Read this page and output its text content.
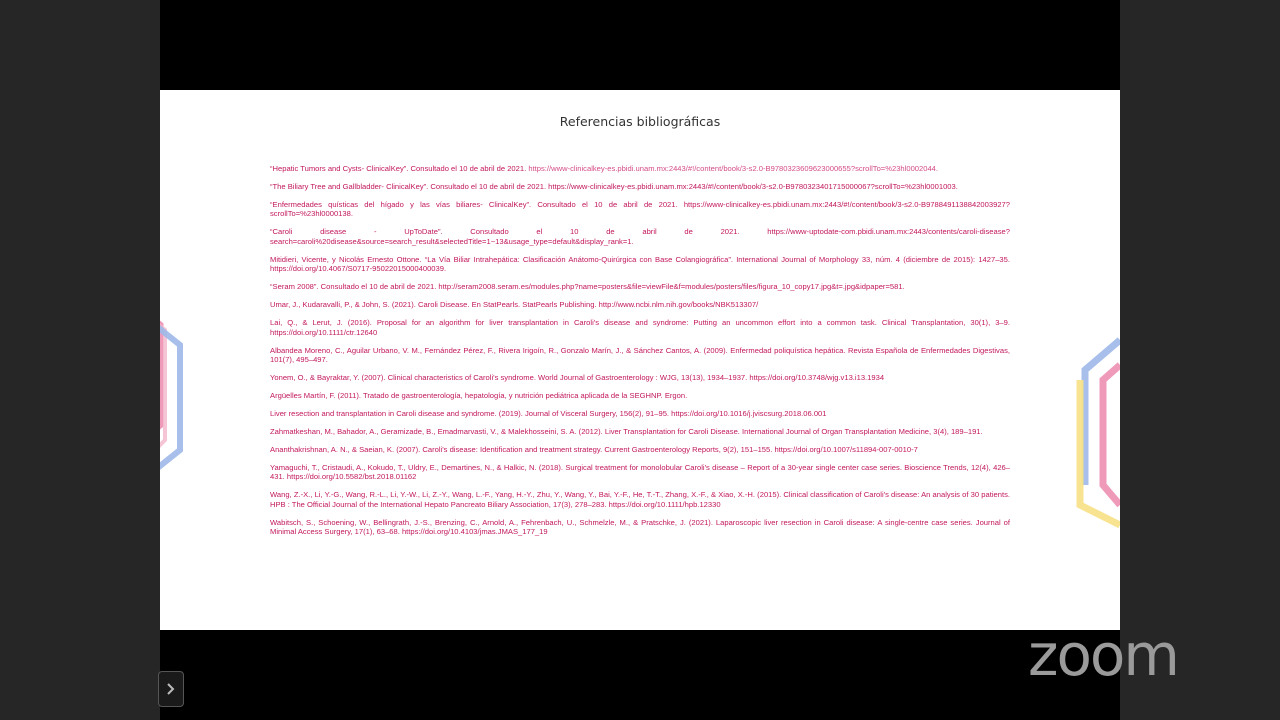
Referencias bibliográficas
“Hepatic Tumors and Cysts- ClinicalKey”. Consultado el 10 de abril de 2021. https://www-clinicalkey-es.pbidi.unam.mx:2443/#!/content/book/3-s2.0-B9780323609623000655?scrollTo=%23hl0002044.
“The Biliary Tree and Gallbladder- ClinicalKey”. Consultado el 10 de abril de 2021. https://www-clinicalkey-es.pbidi.unam.mx:2443/#!/content/book/3-s2.0-B9780323401715000067?scrollTo=%23hl0001003.
“Enfermedades quísticas del hígado y las vías biliares- ClinicalKey”. Consultado el 10 de abril de 2021. https://www-clinicalkey-es.pbidi.unam.mx:2443/#!/content/book/3-s2.0-B9788491138842003927?scrollTo=%23hl0000138.
“Caroli disease - UpToDate”. Consultado el 10 de abril de 2021. https://www-uptodate-com.pbidi.unam.mx:2443/contents/caroli-disease?search=caroli%20disease&source=search_result&selectedTitle=1~13&usage_type=default&display_rank=1.
Mitidieri, Vicente, y Nicolás Ernesto Ottone. “La Vía Biliar Intrahepática: Clasificación Anátomo-Quirúrgica con Base Colangiográfica”. International Journal of Morphology 33, núm. 4 (diciembre de 2015): 1427–35. https://doi.org/10.4067/S0717-95022015000400039.
“Seram 2008”. Consultado el 10 de abril de 2021. http://seram2008.seram.es/modules.php?name=posters&file=viewFile&f=modules/posters/files/figura_10_copy17.jpg&t=.jpg&idpaper=581.
Umar, J., Kudaravalli, P., & John, S. (2021). Caroli Disease. En StatPearls. StatPearls Publishing. http://www.ncbi.nlm.nih.gov/books/NBK513307/
Lai, Q., & Lerut, J. (2016). Proposal for an algorithm for liver transplantation in Caroli's disease and syndrome: Putting an uncommon effort into a common task. Clinical Transplantation, 30(1), 3–9. https://doi.org/10.1111/ctr.12640
Albandea Moreno, C., Aguilar Urbano, V. M., Fernández Pérez, F., Rivera Irigoín, R., Gonzalo Marín, J., & Sánchez Cantos, A. (2009). Enfermedad poliquística hepática. Revista Española de Enfermedades Digestivas, 101(7), 495–497.
Yonem, O., & Bayraktar, Y. (2007). Clinical characteristics of Caroli's syndrome. World Journal of Gastroenterology : WJG, 13(13), 1934–1937. https://doi.org/10.3748/wjg.v13.i13.1934
Argüelles Martín, F. (2011). Tratado de gastroenterología, hepatología, y nutrición pediátrica aplicada de la SEGHNP. Ergon.
Liver resection and transplantation in Caroli disease and syndrome. (2019). Journal of Visceral Surgery, 156(2), 91–95. https://doi.org/10.1016/j.jviscsurg.2018.06.001
Zahmatkeshan, M., Bahador, A., Geramizade, B., Emadmarvasti, V., & Malekhosseini, S. A. (2012). Liver Transplantation for Caroli Disease. International Journal of Organ Transplantation Medicine, 3(4), 189–191.
Ananthakrishnan, A. N., & Saeian, K. (2007). Caroli's disease: Identification and treatment strategy. Current Gastroenterology Reports, 9(2), 151–155. https://doi.org/10.1007/s11894-007-0010-7
Yamaguchi, T., Cristaudi, A., Kokudo, T., Uldry, E., Demartines, N., & Halkic, N. (2018). Surgical treatment for monolobular Caroli's disease – Report of a 30-year single center case series. Bioscience Trends, 12(4), 426–431. https://doi.org/10.5582/bst.2018.01162
Wang, Z.-X., Li, Y.-G., Wang, R.-L., Li, Y.-W., Li, Z.-Y., Wang, L.-F., Yang, H.-Y., Zhu, Y., Wang, Y., Bai, Y.-F., He, T.-T., Zhang, X.-F., & Xiao, X.-H. (2015). Clinical classification of Caroli's disease: An analysis of 30 patients. HPB : The Official Journal of the International Hepato Pancreato Biliary Association, 17(3), 278–283. https://doi.org/10.1111/hpb.12330
Wabitsch, S., Schoening, W., Bellingrath, J.-S., Brenzing, C., Arnold, A., Fehrenbach, U., Schmelzle, M., & Pratschke, J. (2021). Laparoscopic liver resection in Caroli disease: A single-centre case series. Journal of Minimal Access Surgery, 17(1), 63–68. https://doi.org/10.4103/jmas.JMAS_177_19
zoom
